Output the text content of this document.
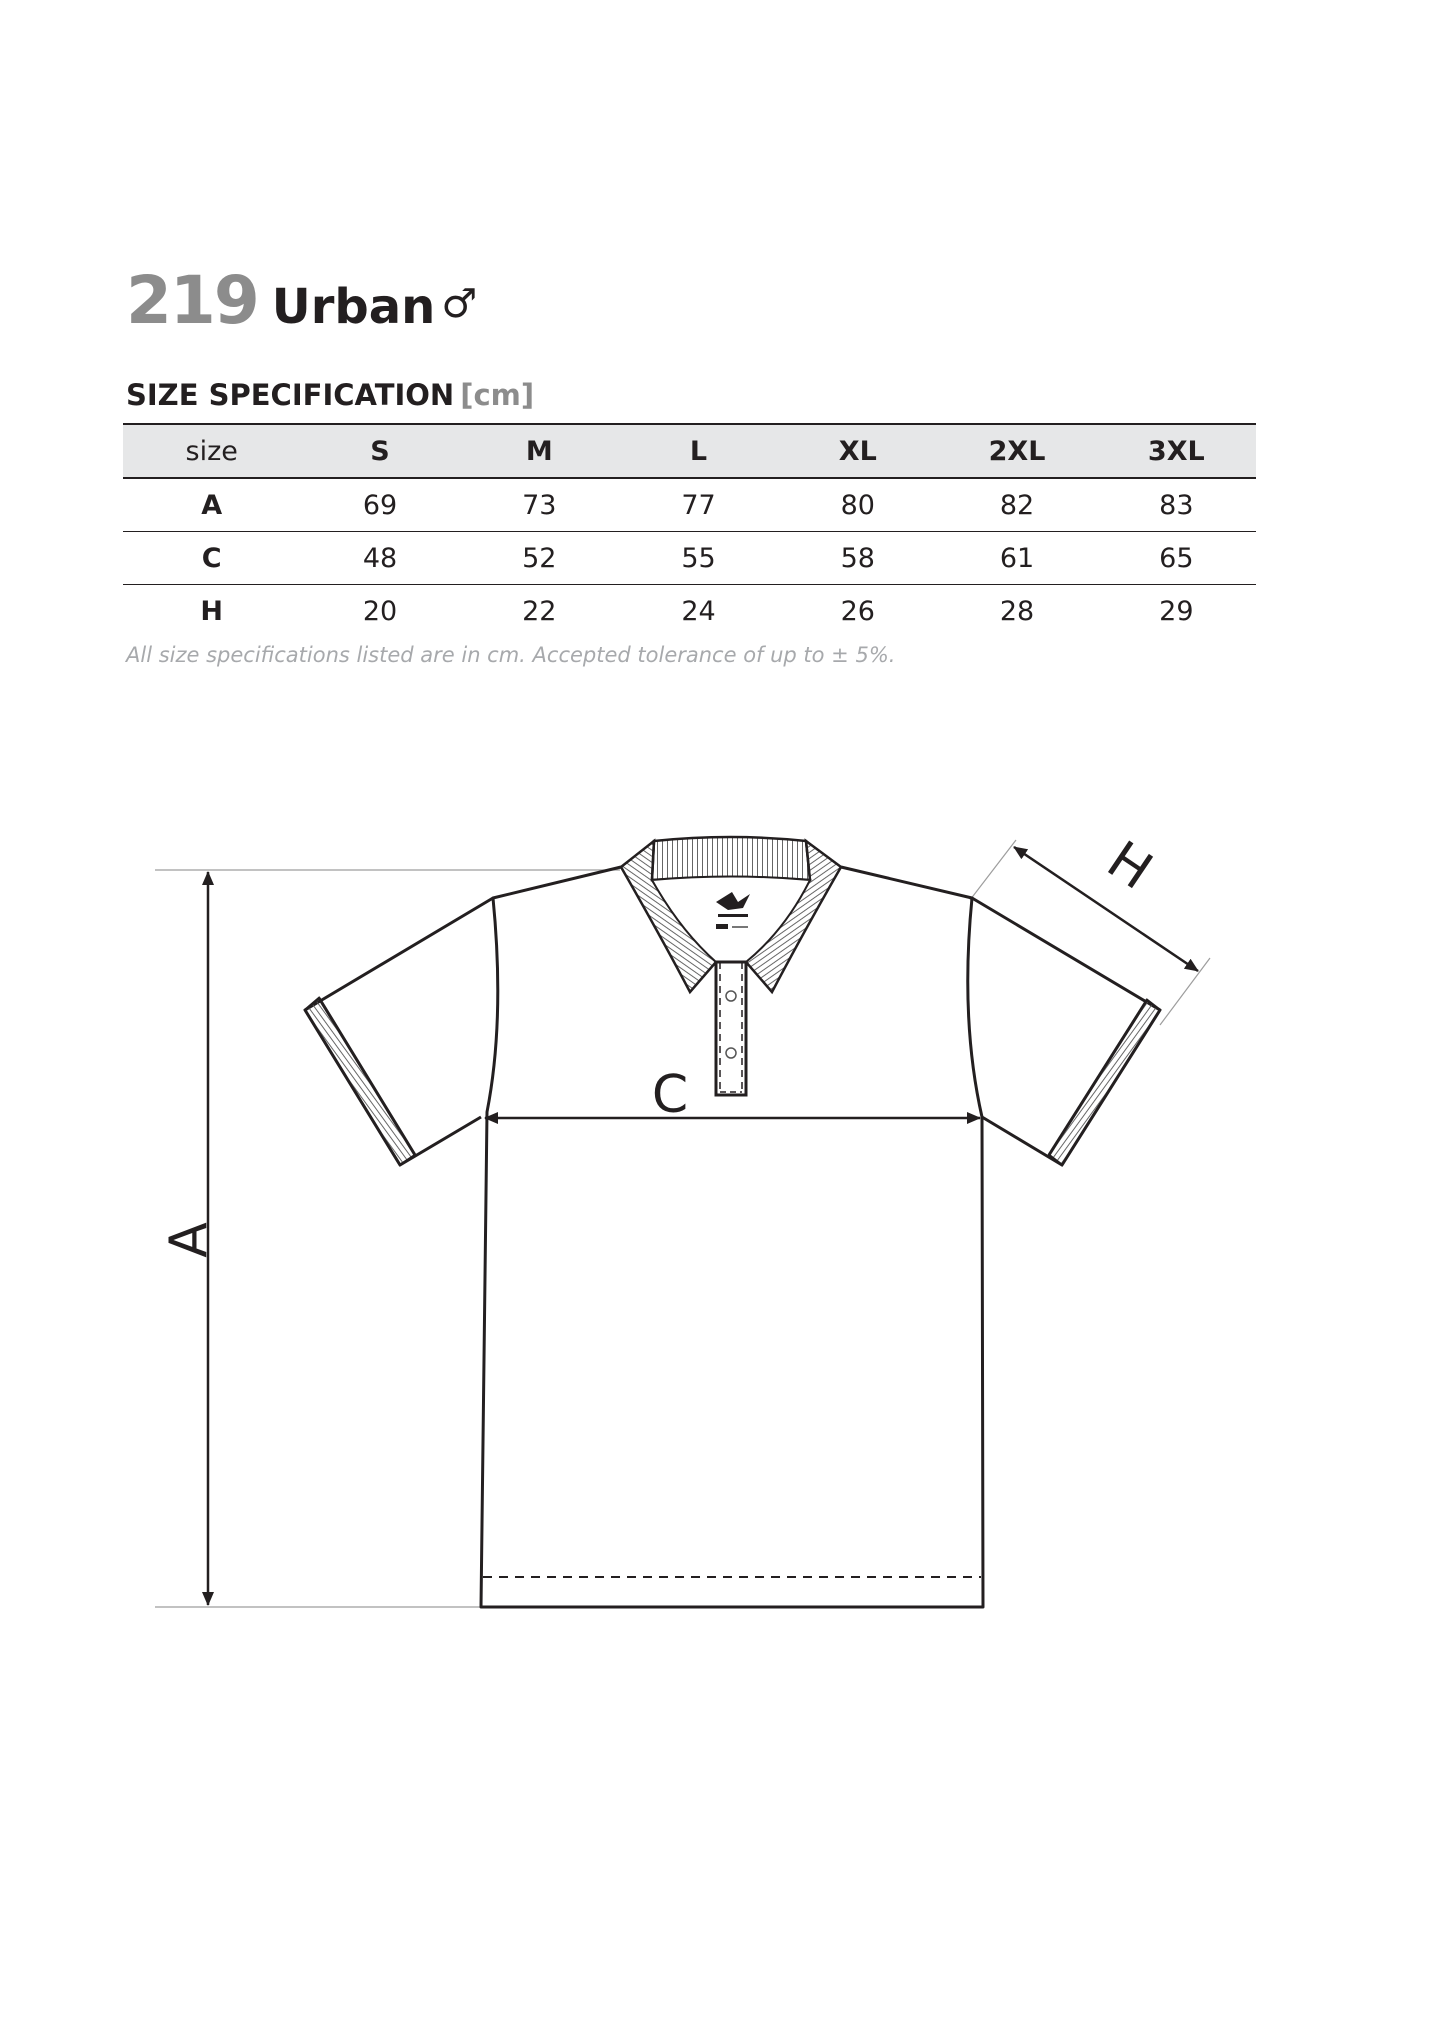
219 Urban ♂
SIZE SPECIFICATION [cm]
size	S	M	L	XL	2XL	3XL
A	69	73	77	80	82	83
C	48	52	55	58	61	65
H	20	22	24	26	28	29
All size specifications listed are in cm. Accepted tolerance of up to ± 5%.
A
C
H
